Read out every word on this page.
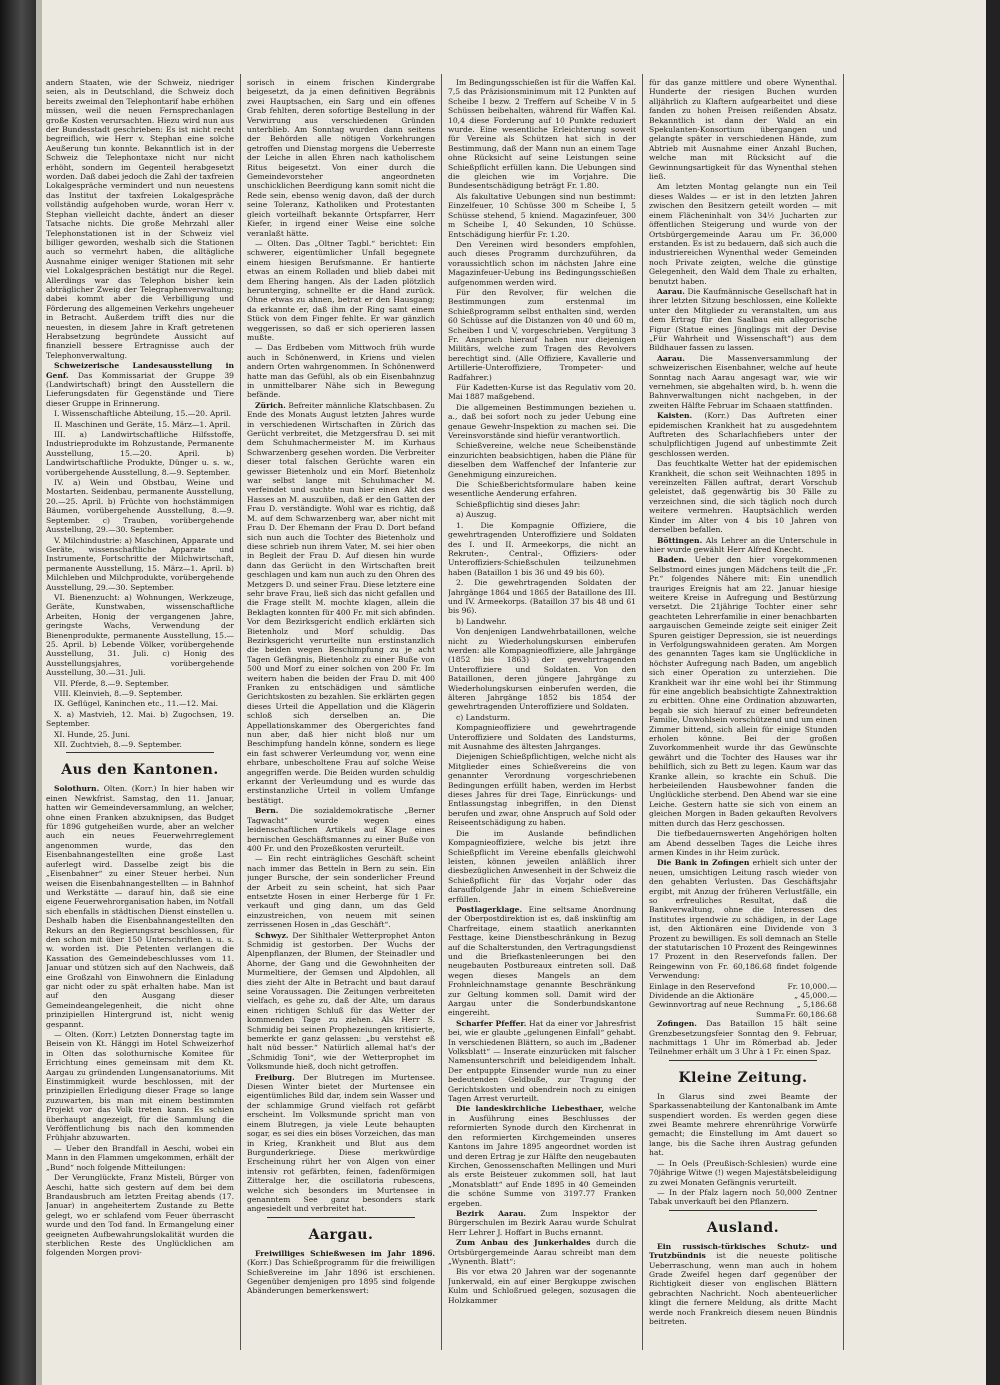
andern Staaten, wie der Schweiz, niedriger seien, als in Deutschland, die Schweiz doch bereits zweimal den Telephontarif habe erhöhen müssen, weil die neuen Fernsprechanlagen große Kosten verursachten. Hiezu wird nun aus der Bundesstadt geschrieben: Es ist nicht recht begreiflich, wie Herr v. Stephan eine solche Aeußerung tun konnte. Bekanntlich ist in der Schweiz die Telephontaxe nicht nur nicht erhöht, sondern im Gegenteil herabgesetzt worden. Daß dabei jedoch die Zahl der taxfreien Lokalgespräche vermindert und nun neuestens das Institut der taxfreien Lokalgespräche vollständig aufgehoben wurde, woran Herr v. Stephan vielleicht dachte, ändert an dieser Tatsache nichts. Die große Mehrzahl aller Telephonstationen ist in der Schweiz viel billiger geworden, weshalb sich die Stationen auch so vermehrt haben, die alltägliche Ausnahme einiger weniger Stationen mit sehr viel Lokalgesprächen bestätigt nur die Regel. Allerdings war das Telephon bisher kein abträglicher Zweig der Telegraphenverwaltung; dabei kommt aber die Verbilligung und Förderung des allgemeinen Verkehrs ungeheuer in Betracht. Außerdem trifft dies nur die neuesten, in diesem Jahre in Kraft getretenen Herabsetzung begründete Aussicht auf finanziell bessere Ertragnisse auch der Telephonverwaltung.

Schweizerische Landesausstellung in Genf. Das Kommissariat der Gruppe 39 (Landwirtschaft) bringt den Ausstellern die Lieferungsdaten für Gegenstände und Tiere dieser Gruppe in Erinnerung.

I. Wissenschaftliche Abteilung, 15.—20. April.

II. Maschinen und Geräte, 15. März—1. April.

III. a) Landwirtschaftliche Hilfsstoffe, Industrieprodukte im Rohzustande, Permanente Ausstellung, 15.—20. April. b) Landwirtschaftliche Produkte, Dünger u. s. w., vorübergehende Ausstellung, 8.—9. September.

IV. a) Wein und Obstbau, Weine und Mostarten. Seidenbau, permanente Ausstellung, 20.—25. April. b) Früchte von hochstämmigen Bäumen, vorübergehende Ausstellung, 8.—9. September. c) Trauben, vorübergehende Ausstellung, 29.—30. September.

V. Milchindustrie: a) Maschinen, Apparate und Geräte, wissenschaftliche Apparate und Instrumente, Fortschritte der Milchwirtschaft, permanente Ausstellung, 15. März—1. April. b) Milchleben und Milchprodukte, vorübergehende Ausstellung, 29.—30. September.

VI. Bienenzucht: a) Wohnungen, Werkzeuge, Geräte, Kunstwaben, wissenschaftliche Arbeiten, Honig der vergangenen Jahre, geringste Wachs, Verwendung der Bienenprodukte, permanente Ausstellung, 15.—25. April. b) Lebende Völker, vorübergehende Ausstellung, 31. Juli. c) Honig des Ausstellungsjahres, vorübergehende Ausstellung, 30.—31. Juli.

VII. Pferde, 8.—9. September.

VIII. Kleinvieh, 8.—9. September.

IX. Geflügel, Kaninchen etc., 11.—12. Mai.

X. a) Mastvieh, 12. Mai. b) Zugochsen, 19. September.

XI. Hunde, 25. Juni.

XII. Zuchtvieh, 8.—9. September.

Aus den Kantonen.

Solothurn. Olten. (Korr.) In hier haben wir einen Newkfrist. Samstag, den 11. Januar, hatten wir Gemeindeversammlung, an welcher, ohne einen Franken abzuknipsen, das Budget für 1896 gutgeheißen wurde, aber an welcher auch ein neues Feuerwehrreglement angenommen wurde, das den Eisenbahnangestellten eine große Last auferlegt wird. Dasselbe zeigt bis die „Eisenbahner“ zu einer Steuer herbei. Nun weisen die Eisenbahnangestellten — in Bahnhof und Werkstätte — darauf hin, daß sie eine eigene Feuerwehrorganisation haben, im Notfall sich ebenfalls in städtischen Dienst einstellen u. Deshalb haben die Eisenbahnangestellten den Rekurs an den Regierungsrat beschlossen, für den schon mit über 150 Unterschriften u. u. s. w. worden ist. Die Petenten verlangen die Kassation des Gemeindebeschlusses vom 11. Januar und stützen sich auf den Nachweis, daß eine Großzahl von Einwohnern die Einladung gar nicht oder zu spät erhalten habe. Man ist auf den Ausgang dieser Gemeindeangelegenheit, die nicht ohne prinzipiellen Hintergrund ist, nicht wenig gespannt.

— Olten. (Korr.) Letzten Donnerstag tagte im Beisein von Kt. Hänggi im Hotel Schweizerhof in Olten das solothurnische Komitee für Errichtung eines gemeinsam mit dem Kt. Aargau zu gründenden Lungensanatoriums. Mit Einstimmigkeit wurde beschlossen, mit der prinzipiellen Erledigung dieser Frage so lange zuzuwarten, bis man mit einem bestimmten Projekt vor das Volk treten kann. Es schien überhaupt angezeigt, für die Sammlung die Veröffentlichung bis nach den kommenden Frühjahr abzuwarten.

— Ueber den Brandfall in Aeschi, wobei ein Mann in den Flammen umgekommen, erhält der „Bund“ noch folgende Mitteilungen:

Der Verunglückte, Franz Misteli, Bürger von Aeschi, hatte sich gestern auf dem bei dem Brandausbruch am letzten Freitag abends (17. Januar) in angeheitertem Zustande zu Bette gelegt, wo er schlafend vom Feuer überrascht wurde und den Tod fand. In Ermangelung einer geeigneten Aufbewahrungslokalität wurden die sterblichen Reste des Unglücklichen am folgenden Morgen provi-

sorisch in einem frischen Kindergrabe beigesetzt, da ja einen definitiven Begräbnis zwei Hauptsachen, ein Sarg und ein offenes Grab fehlten, deren sofortige Bestellung in der Verwirrung aus verschiedenen Gründen unterblieb. Am Sonntag wurden dann seitens der Behörden alle nötigen Vorkehrungen getroffen und Dienstag morgens die Ueberreste der Leiche in allen Ehren nach katholischem Ritus beigesetzt. Von einer durch die Gemeindevorsteher angeordneten unschicklichen Beerdigung kann somit nicht die Rede sein, ebenso wenig davon, daß der durch seine Toleranz, Katholiken und Protestanten gleich vorteilhaft bekannte Ortspfarrer, Herr Kiefer, in irgend einer Weise eine solche veranlaßt hätte.

— Olten. Das „Oltner Tagbl.“ berichtet: Ein schwerer, eigentümlicher Unfall begegnete einem hiesigen Berufsmanne. Er hantierte etwas an einem Rolladen und blieb dabei mit dem Ehering hangen. Als der Laden plötzlich herunterging, schnellte er die Hand zurück. Ohne etwas zu ahnen, betrat er den Hausgang; da erkannte er, daß ihm der Ring samt einem Stück von dem Finger fehlte. Er war gänzlich weggerissen, so daß er sich operieren lassen mußte.

— Das Erdbeben vom Mittwoch früh wurde auch in Schönenwerd, in Kriens und vielen andern Orten wahrgenommen. In Schönenwerd hatte man das Gefühl, als ob ein Eisenbahnzug in unmittelbarer Nähe sich in Bewegung befände.

Zürich. Befreiter männliche Klatschbasen. Zu Ende des Monats August letzten Jahres wurde in verschiedenen Wirtschaften in Zürich das Gerücht verbreitet, die Metzgersfrau D. sei mit dem Schuhmachermeister M. im Kurhaus Schwarzenberg gesehen worden. Die Verbreiter dieser total falschen Gerüchte waren ein gewisser Bietenholz und ein Morf. Bietenholz war selbst lange mit Schuhmacher M. verfeindet und suchte nun hier einen Akt des Hasses an M. auszuüben, daß er den Gatten der Frau D. verständigte. Wohl war es richtig, daß M. auf dem Schwarzenberg war, aber nicht mit Frau D. Der Ehemann der Frau D. Dort befand sich nun auch die Tochter des Bietenholz und diese schrieb nun ihrem Vater, M. sei hier oben in Begleit der Frau D. Auf diesen hin wurde dann das Gerücht in den Wirtschaften breit geschlagen und kam nun auch zu den Ohren des Metzgers D. und seiner Frau. Diese letztere eine sehr brave Frau, ließ sich das nicht gefallen und die Frage stellt M. mochte klagen, allein die Beklagten konnten für 400 Fr. mit sich abfinden. Vor dem Bezirksgericht endlich erklärten sich Bietenholz und Morf schuldig. Das Bezirksgericht verurteilte nun erstinstanzlich die beiden wegen Beschimpfung zu je acht Tagen Gefängnis, Bietenholz zu einer Buße von 500 und Morf zu einer solchen von 200 Fr. Im weitern haben die beiden der Frau D. mit 400 Franken zu entschädigen und sämtliche Gerichtskosten zu bezahlen. Sie erklärten gegen dieses Urteil die Appellation und die Klägerin schloß sich derselben an. Die Appellationskammer des Obergerichtes fand nun aber, daß hier nicht bloß nur um Beschimpfung handeln könne, sondern es liege ein fast schwerer Verleumdung vor, wenn eine ehrbare, unbescholtene Frau auf solche Weise angegriffen werde. Die Beiden wurden schuldig erkannt der Verleumdung und es wurde das erstinstanzliche Urteil in vollem Umfange bestätigt.

Bern. Die sozialdemokratische „Berner Tagwacht“ wurde wegen eines leidenschaftlichen Artikels auf Klage eines bernischen Geschäftsmannes zu einer Buße von 400 Fr. und den Prozeßkosten verurteilt.

— Ein recht einträgliches Geschäft scheint nach immer das Betteln in Bern zu sein. Ein junger Bursche, der sein sonderlicher Freund der Arbeit zu sein scheint, hat sich Paar entsetzte Hosen in einer Herberge für 1 Fr. verkauft und ging dann, um das Geld einzustreichen, von neuem mit seinen zerrissenen Hosen in „das Geschäft“.

Schwyz. Der Sihlthaler Wetterprophet Anton Schmidig ist gestorben. Der Wuchs der Alpenpflanzen, der Blumen, der Steinadler und Ahorne, der Gang und die Gewohnheiten der Murmeltiere, der Gemsen und Alpdohlen, all dies zieht der Alte in Betracht und baut darauf seine Voraussagen. Die Zeitungen verbreiteten vielfach, es gehe zu, daß der Alte, um daraus einen richtigen Schluß für das Wetter der kommenden Tage zu ziehen. Als Herr S. Schmidig bei seinen Prophezeiungen kritisierte, bemerkte er ganz gelassen: „bu verstehst eß halt nüd besser.“ Natürlich allemal hat's der „Schmidig Toni“, wie der Wetterprophet im Volksmunde hieß, doch nicht getroffen.

Freiburg. Der Blutregen im Murtensee. Diesen Winter bietet der Murtensee ein eigentümliches Bild dar, indem sein Wasser und der schlammige Grund vielfach rot gefärbt erscheint. Im Volksmunde spricht man von einem Blutregen, ja viele Leute behaupten sogar, es sei dies ein böses Vorzeichen, das man in Krieg, Krankheit und Blut aus dem Burgunderkriege. Diese merkwürdige Erscheinung rührt her von Algen von einer intensiv rot gefärbten, feinen, fadenförmigen Zitteralge her, die oscillatoria rubescens, welche sich besonders im Murtensee in genanntem See ganz besonders stark angesiedelt und verbreitet hat.

Aargau.

Freiwilliges Schießwesen im Jahr 1896. (Korr.) Das Schießprogramm für die freiwilligen Schießvereine im Jahr 1896 ist erschienen. Gegenüber demjenigen pro 1895 sind folgende Abänderungen bemerkenswert:

Im Bedingungsschießen ist für die Waffen Kal. 7,5 das Präzisionsminimum mit 12 Punkten auf Scheibe I bezw. 2 Treffern auf Scheibe V in 5 Schüssen beibehalten, während für Waffen Kal. 10,4 diese Forderung auf 10 Punkte reduziert wurde. Eine wesentliche Erleichterung soweit für Vereine als Schützen hat sich in der Bestimmung, daß der Mann nun an einem Tage ohne Rücksicht auf seine Leistungen seine Schießpflicht erfüllen kann. Die Uebungen sind die gleichen wie im Vorjahre. Die Bundesentschädigung beträgt Fr. 1.80.

Als fakultative Uebungen sind nun bestimmt: Einzelfeuer, 10 Schüsse 300 m Scheibe I, 5 Schüsse stehend, 5 kniend. Magazinfeuer, 300 m Scheibe I, 40 Sekunden, 10 Schüsse. Entschädigung hierfür Fr. 1.20.

Den Vereinen wird besonders empfohlen, auch dieses Programm durchzuführen, da voraussichtlich schon im nächsten Jahre eine Magazinfeuer-Uebung ins Bedingungsschießen aufgenommen werden wird.

Für den Revolver, für welchen die Bestimmungen zum erstenmal im Schießprogramm selbst enthalten sind, werden 60 Schüsse auf die Distanzen von 40 und 60 m, Scheiben I und V, vorgeschrieben. Vergütung 3 Fr. Anspruch hierauf haben nur diejenigen Militärs, welche zum Tragen des Revolvers berechtigt sind. (Alle Offiziere, Kavallerie und Artillerie-Unteroffiziere, Trompeter- und Radfahrer.)

Für Kadetten-Kurse ist das Regulativ vom 20. Mai 1887 maßgebend.

Die allgemeinen Bestimmungen beziehen u. a., daß bei sofort noch zu jeder Uebung eine genaue Gewehr-Inspektion zu machen sei. Die Vereinsvorstände sind hiefür verantwortlich.

Schießvereine, welche neue Scheibenstände einzurichten beabsichtigen, haben die Pläne für dieselben dem Waffenchef der Infanterie zur Genehmigung einzureichen.

Die Schießberichtsformulare haben keine wesentliche Aenderung erfahren.

Schießpflichtig sind dieses Jahr:

a) Auszug.

1. Die Kompagnie Offiziere, die gewehrtragenden Unteroffiziere und Soldaten des I. und II. Armeekorps, die nicht an Rekruten-, Central-, Offiziers- oder Unteroffiziers-Schießschulen teilzunehmen haben (Bataillon 1 bis 36 und 49 bis 60).

2. Die gewehrtragenden Soldaten der Jahrgänge 1864 und 1865 der Bataillone des III. und IV. Armeekorps. (Bataillon 37 bis 48 und 61 bis 96).

b) Landwehr.

Von denjenigen Landwehrbataillonen, welche nicht zu Wiederholungskursen einberufen werden: alle Kompagnieoffiziere, alle Jahrgänge (1852 bis 1863) der gewehrtragenden Unteroffiziere und Soldaten. Von den Bataillonen, deren jüngere Jahrgänge zu Wiederholungskursen einberufen werden, die älteren Jahrgänge 1852 bis 1854 der gewehrtragenden Unteroffiziere und Soldaten.

c) Landsturm.

Kompagnieoffiziere und gewehrtragende Unteroffiziere und Soldaten des Landsturms, mit Ausnahme des ältesten Jahrganges.

Diejenigen Schießpflichtigen, welche nicht als Mitglieder eines Schießvereins die von genannter Verordnung vorgeschriebenen Bedingungen erfüllt haben, werden im Herbst dieses Jahres für drei Tage, Einrückungs- und Entlassungstag inbegriffen, in den Dienst berufen und zwar, ohne Anspruch auf Sold oder Reiseentschädigung zu haben.

Die im Auslande befindlichen Kompagnieoffiziere, welche bis jetzt ihre Schießpflicht im Vereine ebenfalls gleichwohl leisten, können jeweilen anläßlich ihrer diesbezüglichen Anwesenheit in der Schweiz die Schießpflicht für das Vorjahr oder das darauffolgende Jahr in einem Schießvereine erfüllen.

Postlagerklage. Eine seltsame Anordnung der Oberpostdirektion ist es, daß inskünftig am Charfreitage, einem staatlich anerkannten Festtage, keine Dienstbeschränkung in Bezug auf die Schalterstunden, den Vertragungsdienst und die Briefkastenleerungen bei den neugebauten Postbureaux eintreten soll. Daß wegen dieses Mangels an dem Frohnleichnamstage genannte Beschränkung zur Geltung kommen soll. Damit wird der Aargau unter die Sonderbundskantone eingereiht.

Scharfer Pfeffer. Hat da einer vor Jahresfrist bei, wie er glaubte „gelungenen Einfall“ gehabt. In verschiedenen Blättern, so auch im „Badener Volksblatt“ — Inserate einzurücken mit falscher Namensunterschrift und beleidigendem Inhalt. Der entpuppte Einsender wurde nun zu einer bedeutenden Geldbuße, zur Tragung der Gerichtskosten und obendrein noch zu einigen Tagen Arrest verurteilt.

Die landeskirchliche Liebesthaer, welche in Ausführung eines Beschlusses der reformierten Synode durch den Kirchenrat in den reformierten Kirchgemeinden unseres Kantons im Jahre 1895 angeordnet worden ist und deren Ertrag je zur Hälfte den neugebauten Kirchen, Genossenschaften Mellingen und Muri als erste Beisteuer zukommen soll, hat laut „Monatsblatt“ auf Ende 1895 in 40 Gemeinden die schöne Summe von 3197.77 Franken ergeben.

Bezirk Aarau. Zum Inspektor der Bürgerschulen im Bezirk Aarau wurde Schulrat Herr Lehrer J. Hoffart in Buchs ernannt.

Zum Anbau des Junkerhaldes durch die Ortsbürgergemeinde Aarau schreibt man dem „Wynenth. Blatt“:

Bis vor etwa 20 Jahren war der sogenannte Junkerwald, ein auf einer Bergkuppe zwischen Kulm und Schloßrued gelegen, sozusagen die Holzkammer

für das ganze mittlere und obere Wynenthal. Hunderte der riesigen Buchen wurden alljährlich zu Klaftern aufgearbeitet und diese fanden zu hohen Preisen reißenden Absatz. Bekanntlich ist dann der Wald an ein Spekulanten-Konsortium übergangen und gelangte später in verschiedenen Hände, zum Abtrieb mit Ausnahme einer Anzahl Buchen, welche man mit Rücksicht auf die Gewinnungsartigkeit für das Wynenthal stehen ließ.

Am letzten Montag gelangte nun ein Teil dieses Waldes — er ist in den letzten Jahren zwischen den Besitzern geteilt worden — mit einem Flächeninhalt von 34½ Jucharten zur öffentlichen Steigerung und wurde von der Ortsbürgergemeinde Aarau um Fr. 36,000 erstanden. Es ist zu bedauern, daß sich auch die industriereichen Wynenthal weder Gemeinden noch Private zeigten, welche die günstige Gelegenheit, den Wald dem Thale zu erhalten, benutzt haben.

Aarau. Die Kaufmännische Gesellschaft hat in ihrer letzten Sitzung beschlossen, eine Kollekte unter den Mitglieder zu veranstalten, um aus dem Ertrag für den Saalbau ein allegorische Figur (Statue eines Jünglings mit der Devise „Für Wahrheit und Wissenschaft“) aus dem Bildhauer fassen zu lassen.

Aarau. Die Massenversammlung der schweizerischen Eisenbahner, welche auf heute Sonntag nach Aarau angesagt war, wie wir vernehmen, sie abgehalten wird, b. h. wenn die Bahnverwaltungen nicht nachgeben, in der zweiten Hälfte Februar im Schaaen stattfinden.

Kaisten. (Korr.) Das Auftreten einer epidemischen Krankheit hat zu ausgedehntem Auftreten des Scharlachfiebers unter der schulpflichtigen Jugend auf unbestimmte Zeit geschlossen werden.

Das feuchtkalte Wetter hat der epidemischen Krankheit, die schon seit Weihnachten 1895 in vereinzelten Fällen auftrat, derart Vorschub geleistet, daß gegenwärtig bis 30 Fälle zu verzeichnen sind, die sich täglich noch durch weitere vermehren. Hauptsächlich werden Kinder im Alter von 4 bis 10 Jahren von derselben befallen.

Böttingen. Als Lehrer an die Unterschule in hier wurde gewählt Herr Alfred Knecht.

Baden. Ueber den hier vorgekommenen Selbstmord eines jungen Mädchens teilt die „Fr. Pr.“ folgendes Nähere mit: Ein unendlich trauriges Ereignis hat am 22. Januar hiesige weitere Kreise in Aufregung und Bestürzung versetzt. Die 21jährige Tochter einer sehr geachteten Lehrerfamilie in einer benachbarten aargauischen Gemeinde zeigte seit einiger Zeit Spuren geistiger Depression, sie ist neuerdings in Verfolgungswahnideen geraten. Am Morgen des genannten Tages kam sie Unglückliche in höchster Aufregung nach Baden, um angeblich sich einer Operation zu unterziehen. Die Krankheit war ihr eine wohl bei ihr Stimmung für eine angeblich beabsichtigte Zahnextraktion zu erbitten. Ohne eine Ordination abzuwarten, begab sie sich hierauf zu einer befreundeten Familie, Unwohlsein vorschützend und um einen Zimmer bittend, sich allein für einige Stunden erholen könne. Bei der großen Zuvorkommenheit wurde ihr das Gewünschte gewährt und die Tochter des Hauses war ihr behilflich, sich zu Bett zu legen. Kaum war das Kranke allein, so krachte ein Schuß. Die herbeieilenden Hausbewohner fanden die Unglückliche sterbend. Den Abend war sie eine Leiche. Gestern hatte sie sich von einem an gleichen Morgen in Baden gekauften Revolvers mitten durch das Herz geschossen.

Die tiefbedauernswerten Angehörigen holten am Abend desselben Tages die Leiche ihres armen Kindes in ihr Heim zurück.

Die Bank in Zofingen erhielt sich unter der neuen, umsichtigen Leitung rasch wieder von den gehabten Verlusten. Das Geschäftsjahr ergibt, mit Anzug der früheren Verlustfälle, ein so erfreuliches Resultat, daß die Bankverwaltung, ohne die Interessen des Institutes irgendwie zu schädigen, in der Lage ist, den Aktionären eine Dividende von 3 Prozent zu bewilligen. Es soll demnach an Stelle der statutarischen 10 Prozent des Reingewinnes 17 Prozent in den Reservefonds fallen. Der Reingewinn von Fr. 60,186.68 findet folgende Verwendung:

Einlage in den Reservefond	Fr. 10,000.—
Dividende an die Aktionäre	„ 45,000.—
Gewinnvortrag auf neue Rechnung	„ 5,186.68
Summa	Fr. 60,186.68

Zofingen. Das Bataillon 15 hält seine Grenzbesetzungsfeier Sonntag den 9. Februar, nachmittags 1 Uhr im Römerbad ab. Jeder Teilnehmer erhält um 3 Uhr à 1 Fr. einen Spaz.

Kleine Zeitung.

In Glarus sind zwei Beamte der Sparkassenabteilung der Kantonalbank im Amte suspendiert worden. Es werden gegen diese zwei Beamte mehrere ehrenrührige Vorwürfe gemacht; die Einstellung im Amt dauert so lange, bis die Sache ihren Austrag gefunden hat.

— In Oels (Preußisch-Schlesien) wurde eine 70jährige Witwe (!) wegen Majestätsbeleidigung zu zwei Monaten Gefängnis verurteilt.

— In der Pfalz lagern noch 50,000 Zentner Tabak unverkauft bei den Pflanzern.

Ausland.

Ein russisch-türkisches Schutz- und Trutzbündnis ist die neueste politische Ueberraschung, wenn man auch in hohem Grade Zweifel hegen darf gegenüber der Richtigkeit dieser von englischen Blättern gebrachten Nachricht. Noch abenteuerlicher klingt die fernere Meldung, als dritte Macht werde noch Frankreich diesem neuen Bündnis beitreten.
